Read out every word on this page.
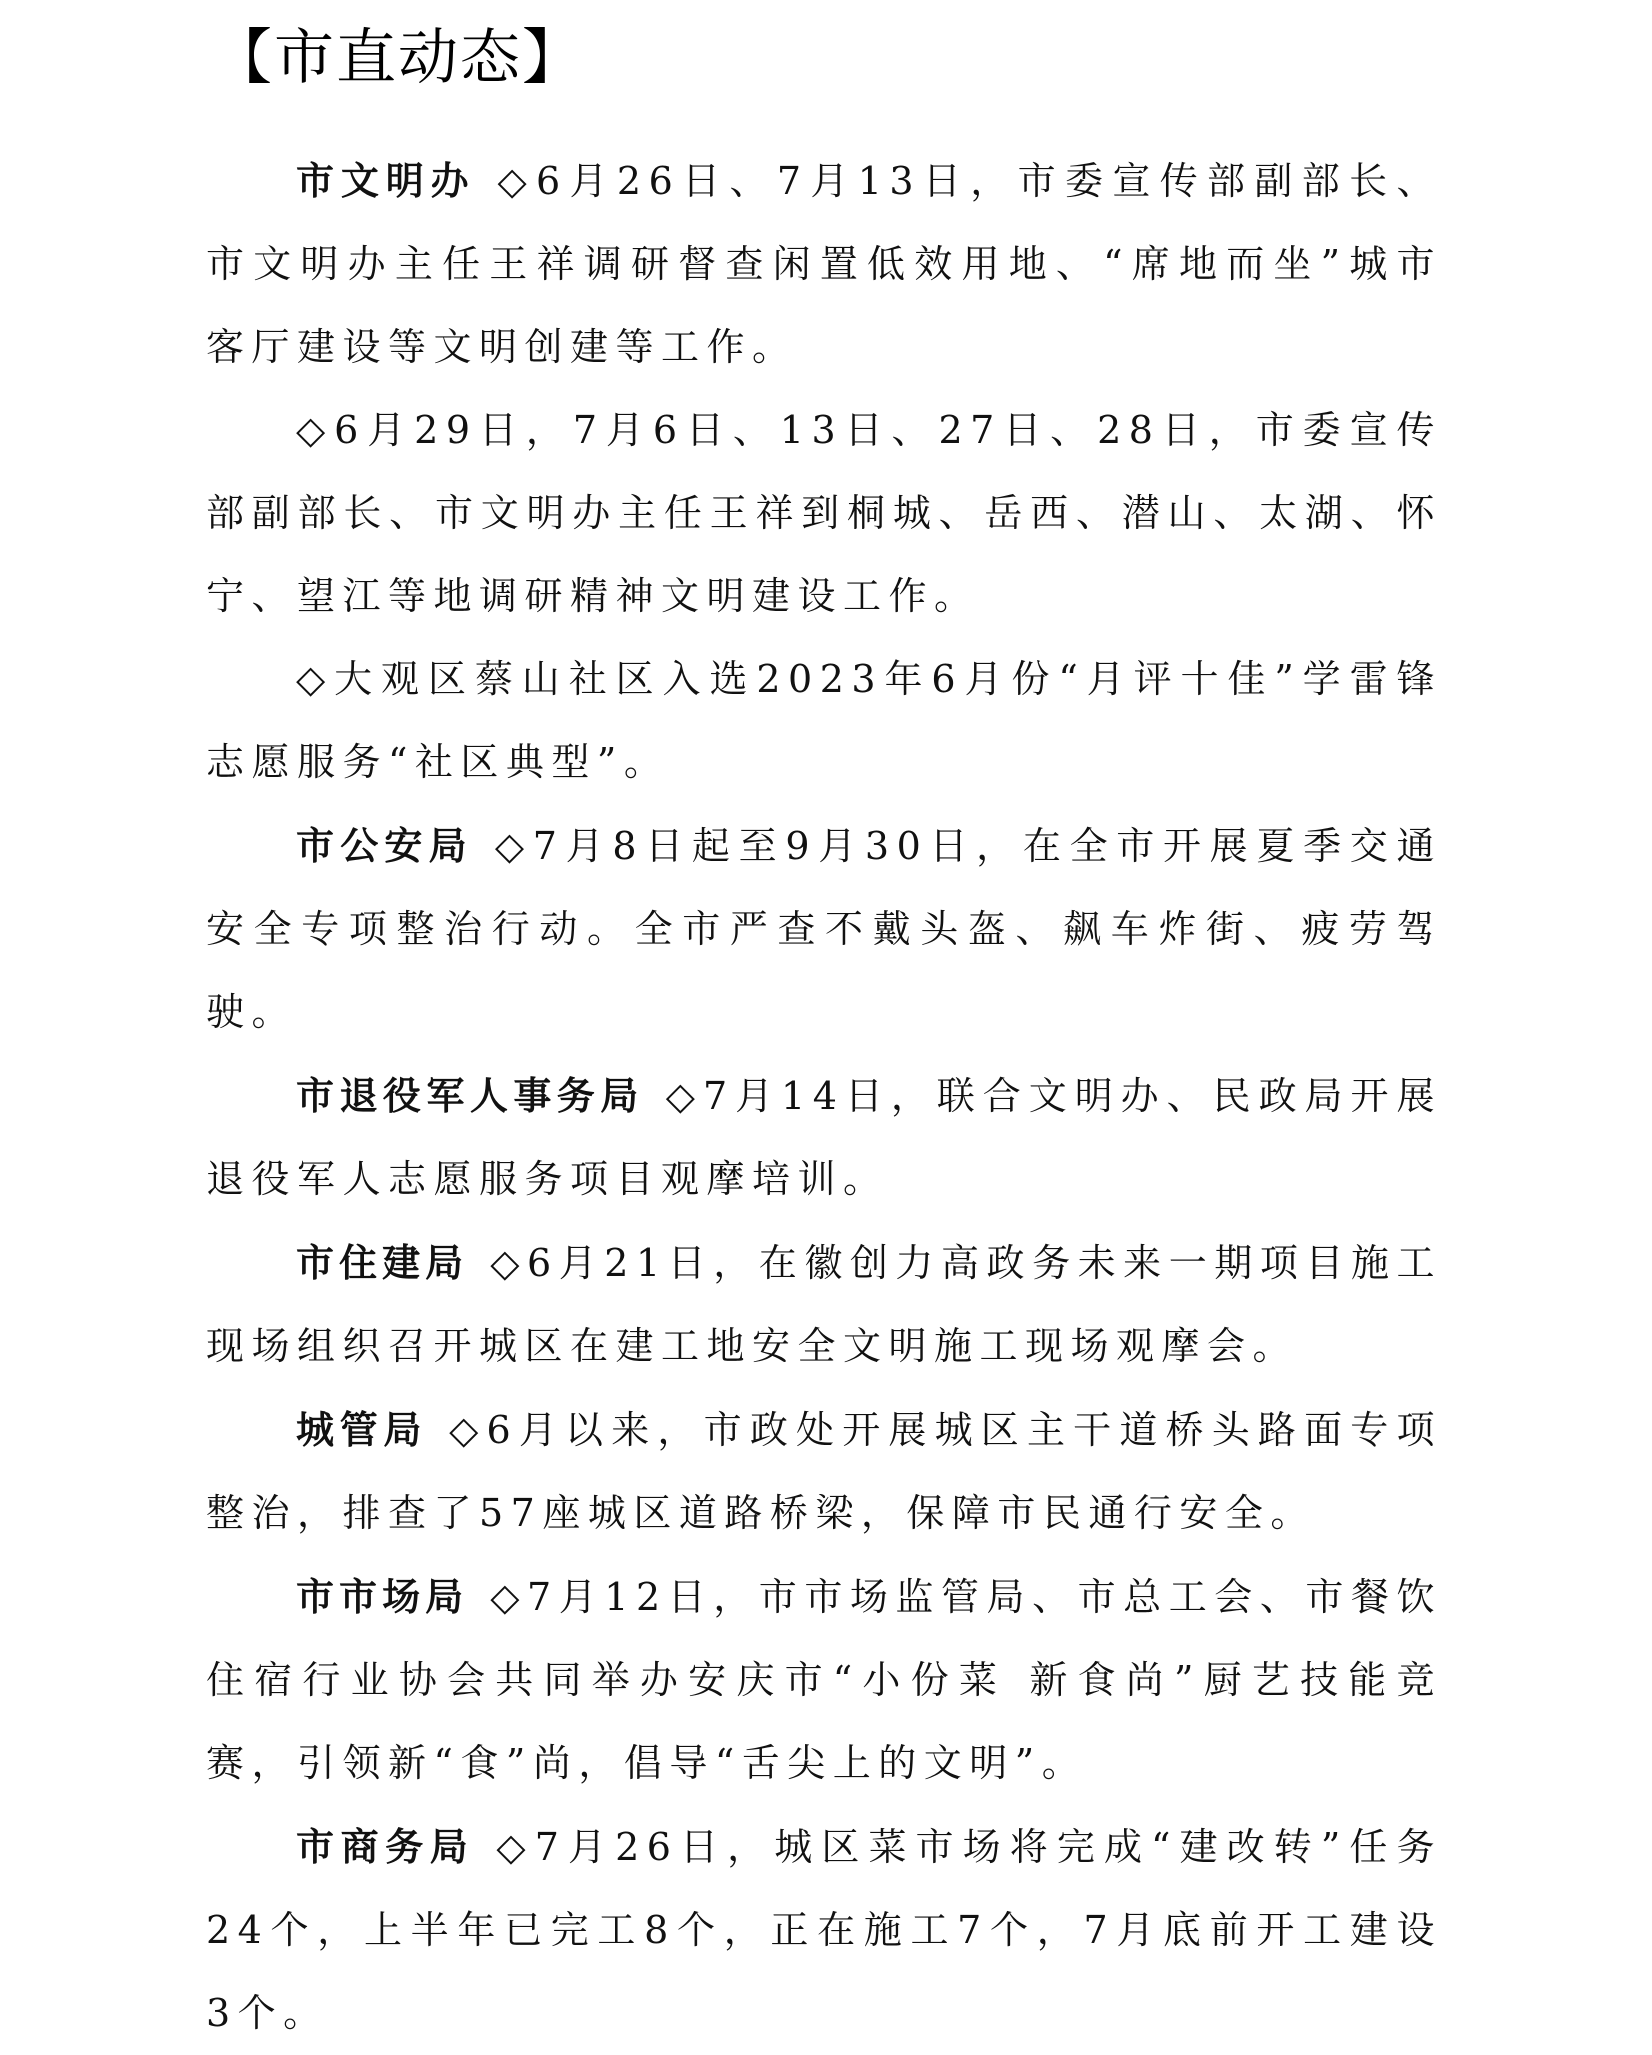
【市直动态】

市文明办 ◇6月26日、7月13日，市委宣传部副部长、市文明办主任王祥调研督查闲置低效用地、“席地而坐”城市客厅建设等文明创建等工作。

◇6月29日，7月6日、13日、27日、28日，市委宣传部副部长、市文明办主任王祥到桐城、岳西、潜山、太湖、怀宁、望江等地调研精神文明建设工作。

◇大观区蔡山社区入选2023年6月份“月评十佳”学雷锋志愿服务“社区典型”。

市公安局 ◇7月8日起至9月30日，在全市开展夏季交通安全专项整治行动。全市严查不戴头盔、飙车炸街、疲劳驾驶。

市退役军人事务局 ◇7月14日，联合文明办、民政局开展退役军人志愿服务项目观摩培训。

市住建局 ◇6月21日，在徽创力高政务未来一期项目施工现场组织召开城区在建工地安全文明施工现场观摩会。

城管局 ◇6月以来，市政处开展城区主干道桥头路面专项整治，排查了57座城区道路桥梁，保障市民通行安全。

市市场局 ◇7月12日，市市场监管局、市总工会、市餐饮住宿行业协会共同举办安庆市“小份菜 新食尚”厨艺技能竞赛，引领新“食”尚，倡导“舌尖上的文明”。

市商务局 ◇7月26日，城区菜市场将完成“建改转”任务24个，上半年已完工8个，正在施工7个，7月底前开工建设3个。
